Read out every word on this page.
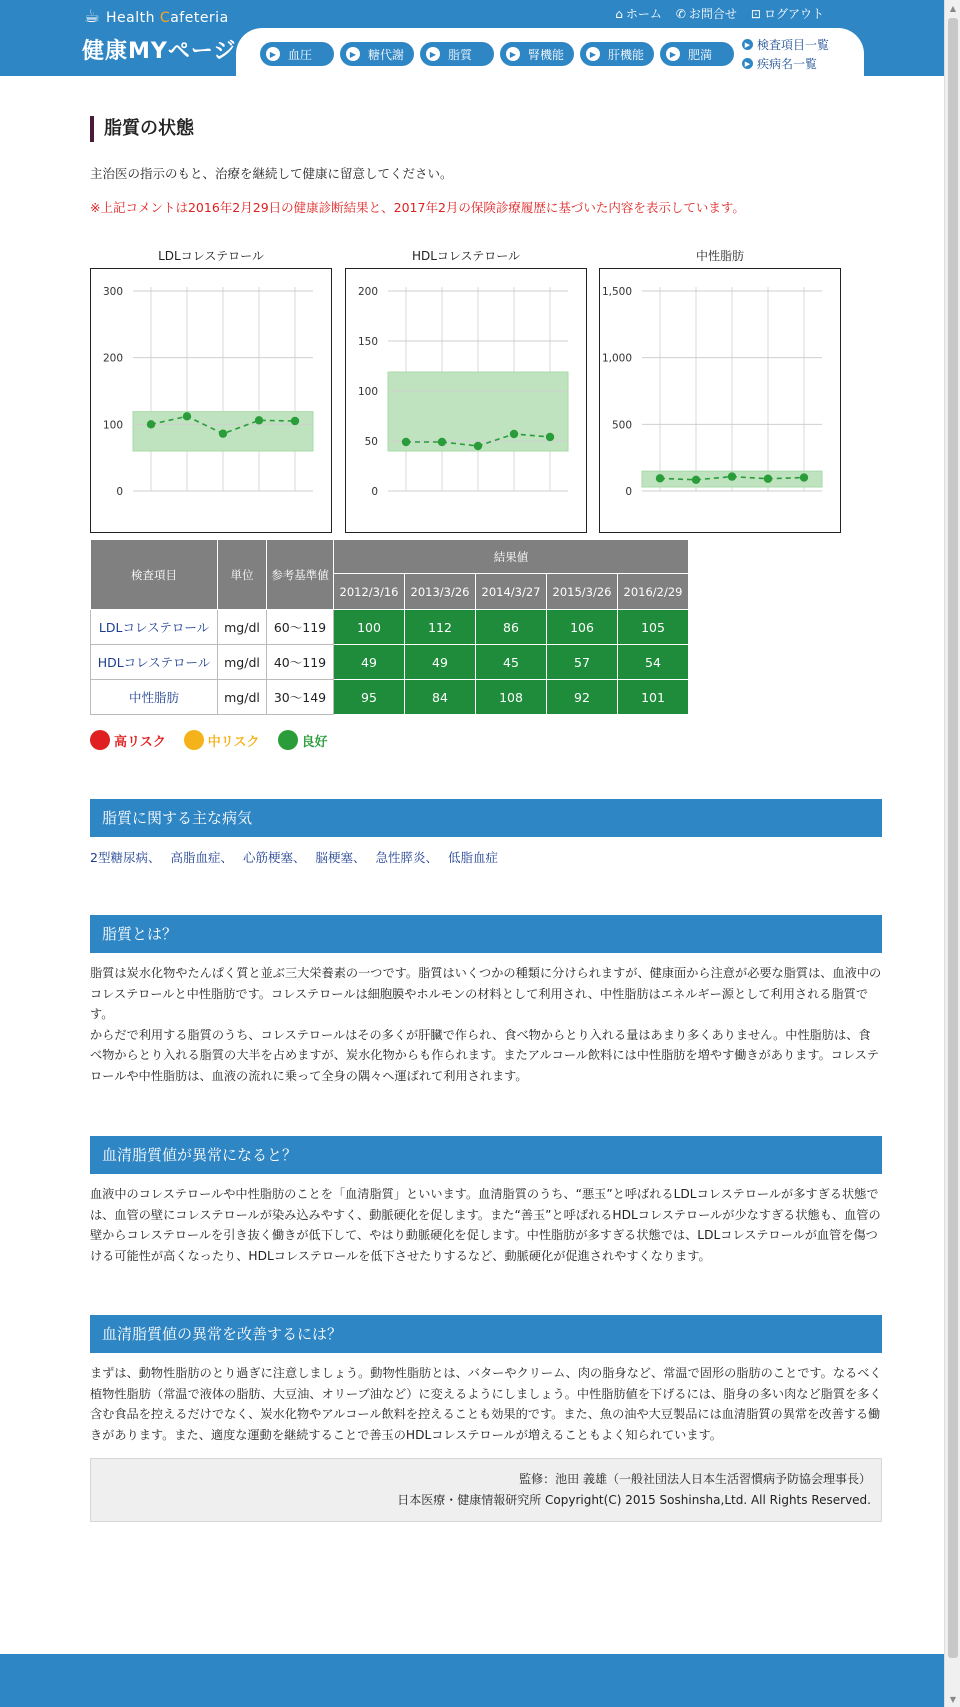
☕ Health Cafeteria
健康MYページ
⌂ ホーム ✆ お問合せ ⊡ ログアウト
▶ 血圧	▶ 糖代謝	▶ 脂質	▶ 腎機能	▶ 肝機能	▶ 肥満
▶ 検査項目一覧
▶ 疾病名一覧
▲
▼
脂質の状態
主治医の指示のもと、治療を継続して健康に留意してください。
※上記コメントは2016年2月29日の健康診断結果と、2017年2月の保険診療履歴に基づいた内容を表示しています。
LDLコレステロール
0
100
200
300
HDLコレステロール
0
50
100
150
200
中性脂肪
0
500
1,000
1,500
検査項目	単位	参考基準値	結果値				
			2012/3/16	2013/3/26	2014/3/27	2015/3/26	2016/2/29
LDLコレステロール	mg/dl	60～119	100	112	86	106	105
HDLコレステロール	mg/dl	40～119	49	49	45	57	54
中性脂肪	mg/dl	30～149	95	84	108	92	101
高リスク	中リスク	良好
脂質に関する主な病気
2型糖尿病、 高脂血症、 心筋梗塞、 脳梗塞、 急性膵炎、 低脂血症
脂質とは？
脂質は炭水化物やたんぱく質と並ぶ三大栄養素の一つです。脂質はいくつかの種類に分けられますが、健康面から注意が必要な脂質は、血液中のコレステロールと中性脂肪です。コレステロールは細胞膜やホルモンの材料として利用され、中性脂肪はエネルギー源として利用される脂質です。
からだで利用する脂質のうち、コレステロールはその多くが肝臓で作られ、食べ物からとり入れる量はあまり多くありません。中性脂肪は、食べ物からとり入れる脂質の大半を占めますが、炭水化物からも作られます。またアルコール飲料には中性脂肪を増やす働きがあります。コレステロールや中性脂肪は、血液の流れに乗って全身の隅々へ運ばれて利用されます。
血清脂質値が異常になると？
血液中のコレステロールや中性脂肪のことを「血清脂質」といいます。血清脂質のうち、“悪玉”と呼ばれるLDLコレステロールが多すぎる状態では、血管の壁にコレステロールが染み込みやすく、動脈硬化を促します。また“善玉”と呼ばれるHDLコレステロールが少なすぎる状態も、血管の壁からコレステロールを引き抜く働きが低下して、やはり動脈硬化を促します。中性脂肪が多すぎる状態では、LDLコレステロールが血管を傷つける可能性が高くなったり、HDLコレステロールを低下させたりするなど、動脈硬化が促進されやすくなります。
血清脂質値の異常を改善するには？
まずは、動物性脂肪のとり過ぎに注意しましょう。動物性脂肪とは、バターやクリーム、肉の脂身など、常温で固形の脂肪のことです。なるべく植物性脂肪（常温で液体の脂肪、大豆油、オリーブ油など）に変えるようにしましょう。中性脂肪値を下げるには、脂身の多い肉など脂質を多く含む食品を控えるだけでなく、炭水化物やアルコール飲料を控えることも効果的です。また、魚の油や大豆製品には血清脂質の異常を改善する働きがあります。また、適度な運動を継続することで善玉のHDLコレステロールが増えることもよく知られています。
監修：池田 義雄（一般社団法人日本生活習慣病予防協会理事長）
日本医療・健康情報研究所 Copyright(C) 2015 Soshinsha,Ltd. All Rights Reserved.
